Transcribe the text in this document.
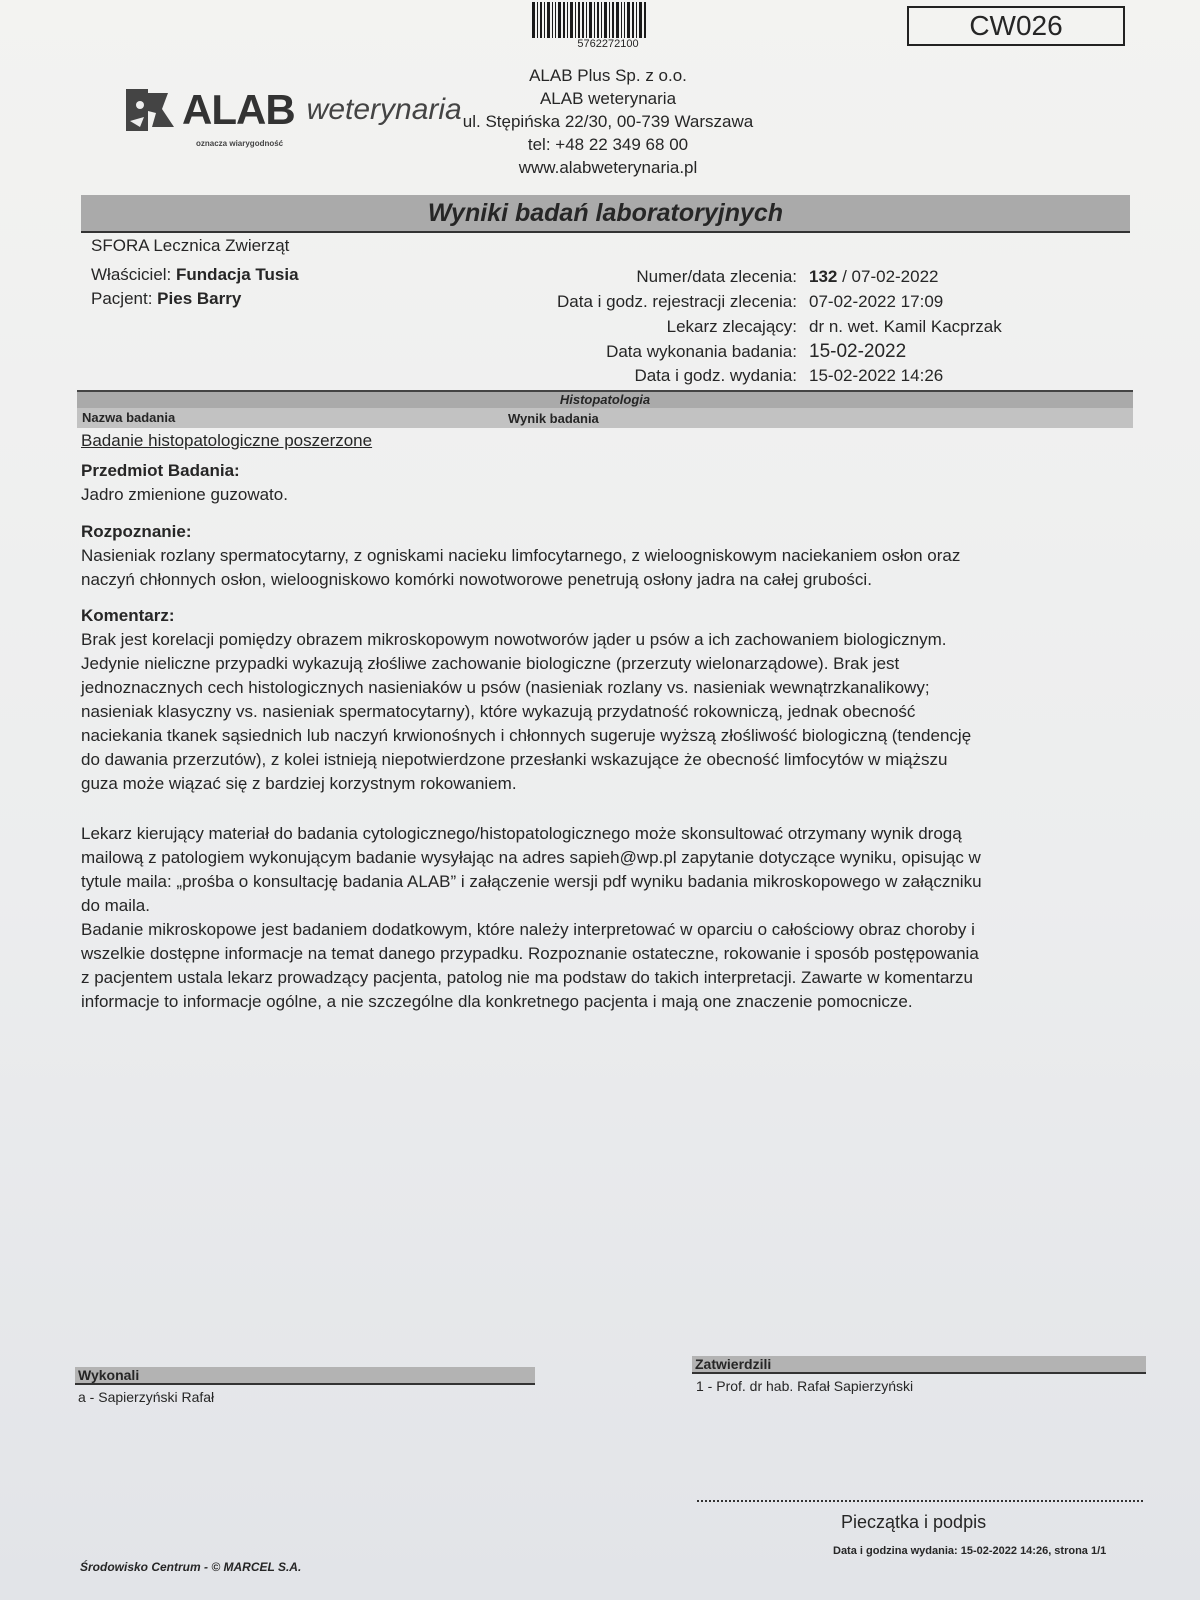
5762272100
CW026
ALAB weterynaria
oznacza wiarygodność
ALAB Plus Sp. z o.o.
ALAB weterynaria
ul. Stępińska 22/30, 00-739 Warszawa
tel: +48 22 349 68 00
www.alabweterynaria.pl
Wyniki badań laboratoryjnych
SFORA Lecznica Zwierząt
Właściciel: Fundacja Tusia
Pacjent: Pies Barry
Numer/data zlecenia: 132 / 07-02-2022
Data i godz. rejestracji zlecenia: 07-02-2022 17:09
Lekarz zlecający: dr n. wet. Kamil Kacprzak
Data wykonania badania: 15-02-2022
Data i godz. wydania: 15-02-2022 14:26
Histopatologia
Nazwa badania	Wynik badania
Badanie histopatologiczne poszerzone
Przedmiot Badania:
Jadro zmienione guzowato.
Rozpoznanie:
Nasieniak rozlany spermatocytarny, z ogniskami nacieku limfocytarnego, z wieloogniskowym naciekaniem osłon oraz
naczyń chłonnych osłon, wieloogniskowo komórki nowotworowe penetrują osłony jadra na całej grubości.
Komentarz:
Brak jest korelacji pomiędzy obrazem mikroskopowym nowotworów jąder u psów a ich zachowaniem biologicznym.
Jedynie nieliczne przypadki wykazują złośliwe zachowanie biologiczne (przerzuty wielonarządowe). Brak jest
jednoznacznych cech histologicznych nasieniaków u psów (nasieniak rozlany vs. nasieniak wewnątrzkanalikowy;
nasieniak klasyczny vs. nasieniak spermatocytarny), które wykazują przydatność rokowniczą, jednak obecność
naciekania tkanek sąsiednich lub naczyń krwionośnych i chłonnych sugeruje wyższą złośliwość biologiczną (tendencję
do dawania przerzutów), z kolei istnieją niepotwierdzone przesłanki wskazujące że obecność limfocytów w miąższu
guza może wiązać się z bardziej korzystnym rokowaniem.
Lekarz kierujący materiał do badania cytologicznego/histopatologicznego może skonsultować otrzymany wynik drogą
mailową z patologiem wykonującym badanie wysyłając na adres sapieh@wp.pl zapytanie dotyczące wyniku, opisując w
tytule maila: „prośba o konsultację badania ALAB” i załączenie wersji pdf wyniku badania mikroskopowego w załączniku
do maila.
Badanie mikroskopowe jest badaniem dodatkowym, które należy interpretować w oparciu o całościowy obraz choroby i
wszelkie dostępne informacje na temat danego przypadku. Rozpoznanie ostateczne, rokowanie i sposób postępowania
z pacjentem ustala lekarz prowadzący pacjenta, patolog nie ma podstaw do takich interpretacji. Zawarte w komentarzu
informacje to informacje ogólne, a nie szczególne dla konkretnego pacjenta i mają one znaczenie pomocnicze.
Wykonali
a - Sapierzyński Rafał
Zatwierdzili
1 - Prof. dr hab. Rafał Sapierzyński
Pieczątka i podpis
Środowisko Centrum - © MARCEL S.A.
Data i godzina wydania: 15-02-2022 14:26, strona 1/1
